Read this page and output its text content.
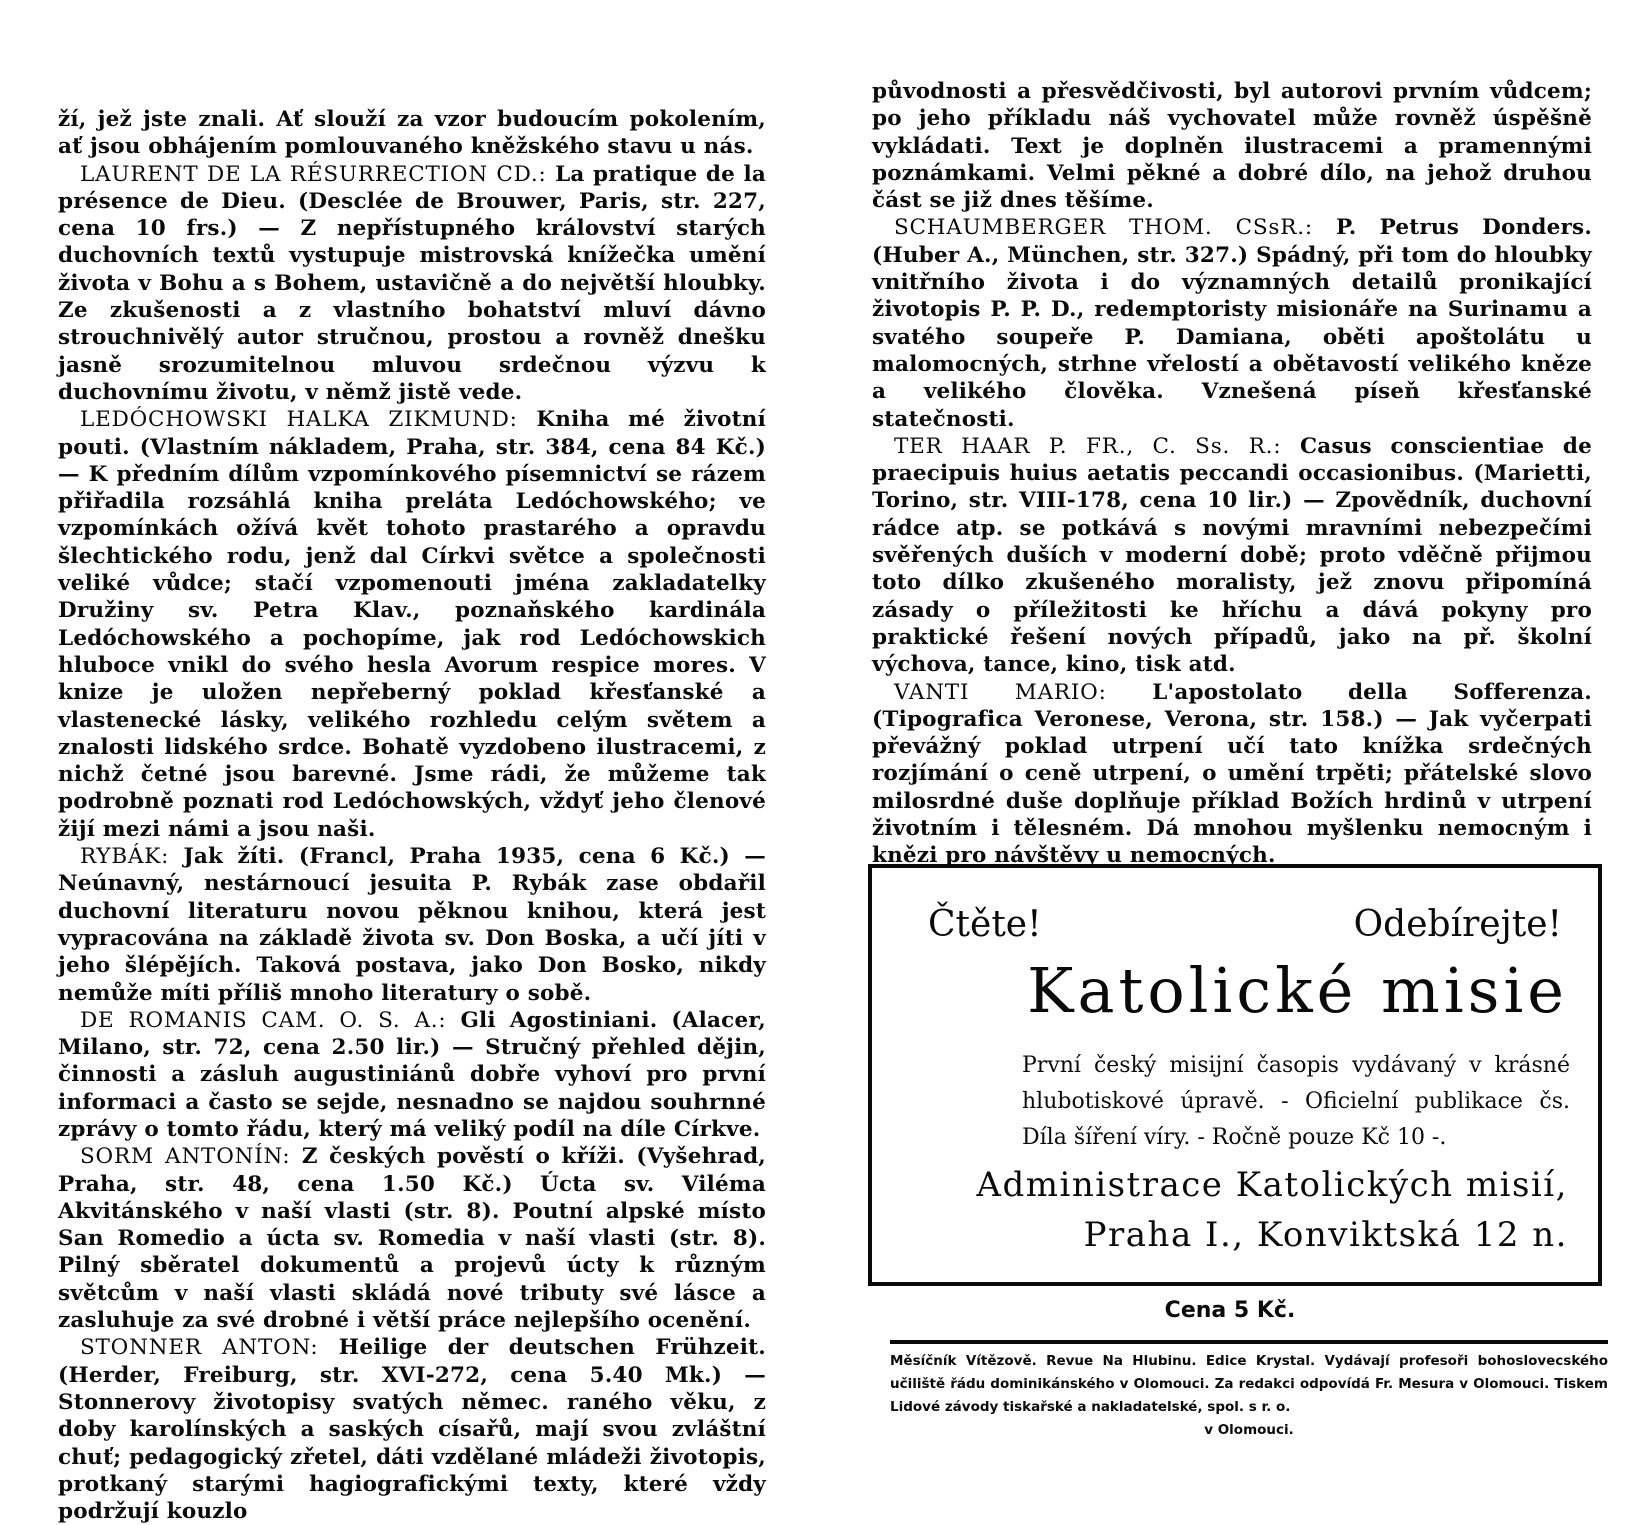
ží, jež jste znali. Ať slouží za vzor budoucím pokolením, ať jsou obhájením pomlouvaného kněžského stavu u nás.

LAURENT DE LA RÉSURRECTION CD.: La pratique de la présence de Dieu. (Desclée de Brouwer, Paris, str. 227, cena 10 frs.) — Z nepřístupného království starých duchovních textů vystupuje mistrovská knížečka umění života v Bohu a s Bohem, ustavičně a do největší hloubky. Ze zkušenosti a z vlastního bohatství mluví dávno strouchnivělý autor stručnou, prostou a rovněž dnešku jasně srozumitelnou mluvou srdečnou výzvu k duchovnímu životu, v němž jistě vede.

LEDÓCHOWSKI HALKA ZIKMUND: Kniha mé životní pouti. (Vlastním nákladem, Praha, str. 384, cena 84 Kč.) — K předním dílům vzpomínkového písemnictví se rázem přiřadila rozsáhlá kniha preláta Ledóchowského; ve vzpomínkách ožívá květ tohoto prastarého a opravdu šlechtického rodu, jenž dal Církvi světce a společnosti veliké vůdce; stačí vzpomenouti jména zakladatelky Družiny sv. Petra Klav., poznaňského kardinála Ledóchowského a pochopíme, jak rod Ledóchowskich hluboce vnikl do svého hesla Avorum respice mores. V knize je uložen nepřeberný poklad křesťanské a vlastenecké lásky, velikého rozhledu celým světem a znalosti lidského srdce. Bohatě vyzdobeno ilustracemi, z nichž četné jsou barevné. Jsme rádi, že můžeme tak podrobně poznati rod Ledóchowských, vždyť jeho členové žijí mezi námi a jsou naši.

RYBÁK: Jak žíti. (Francl, Praha 1935, cena 6 Kč.) — Neúnavný, nestárnoucí jesuita P. Rybák zase obdařil duchovní literaturu novou pěknou knihou, která jest vypracována na základě života sv. Don Boska, a učí jíti v jeho šlépějích. Taková postava, jako Don Bosko, nikdy nemůže míti příliš mnoho literatury o sobě.

DE ROMANIS CAM. O. S. A.: Gli Agostiniani. (Alacer, Milano, str. 72, cena 2.50 lir.) — Stručný přehled dějin, činnosti a zásluh augustiniánů dobře vyhoví pro první informaci a často se sejde, nesnadno se najdou souhrnné zprávy o tomto řádu, který má veliký podíl na díle Církve.

SORM ANTONÍN: Z českých pověstí o kříži. (Vyšehrad, Praha, str. 48, cena 1.50 Kč.) Úcta sv. Viléma Akvitánského v naší vlasti (str. 8). Poutní alpské místo San Romedio a úcta sv. Romedia v naší vlasti (str. 8). Pilný sběratel dokumentů a projevů úcty k různým světcům v naší vlasti skládá nové tributy své lásce a zasluhuje za své drobné i větší práce nejlepšího ocenění.

STONNER ANTON: Heilige der deutschen Frühzeit. (Herder, Freiburg, str. XVI-272, cena 5.40 Mk.) — Stonnerovy životopisy svatých němec. raného věku, z doby karolínských a saských císařů, mají svou zvláštní chuť; pedagogický zřetel, dáti vzdělané mládeži životopis, protkaný starými hagiografickými texty, které vždy podržují kouzlo

původnosti a přesvědčivosti, byl autorovi prvním vůdcem; po jeho příkladu náš vychovatel může rovněž úspěšně vykládati. Text je doplněn ilustracemi a pramennými poznámkami. Velmi pěkné a dobré dílo, na jehož druhou část se již dnes těšíme.

SCHAUMBERGER THOM. CSsR.: P. Petrus Donders. (Huber A., München, str. 327.) Spádný, při tom do hloubky vnitřního života i do významných detailů pronikající životopis P. P. D., redemptoristy misionáře na Surinamu a svatého soupeře P. Damiana, oběti apoštolátu u malomocných, strhne vřelostí a obětavostí velikého kněze a velikého člověka. Vznešená píseň křesťanské statečnosti.

TER HAAR P. FR., C. Ss. R.: Casus conscientiae de praecipuis huius aetatis peccandi occasionibus. (Marietti, Torino, str. VIII-178, cena 10 lir.) — Zpovědník, duchovní rádce atp. se potkává s novými mravními nebezpečími svěřených duších v moderní době; proto vděčně přijmou toto dílko zkušeného moralisty, jež znovu připomíná zásady o příležitosti ke hříchu a dává pokyny pro praktické řešení nových případů, jako na př. školní výchova, tance, kino, tisk atd.

VANTI MARIO: L'apostolato della Sofferenza. (Tipografica Veronese, Verona, str. 158.) — Jak vyčerpati převážný poklad utrpení učí tato knížka srdečných rozjímání o ceně utrpení, o umění trpěti; přátelské slovo milosrdné duše doplňuje příklad Božích hrdinů v utrpení životním i tělesném. Dá mnohou myšlenku nemocným i knězi pro návštěvy u nemocných.

Čtěte!	Odebírejte!
Katolické misie
První český misijní časopis vydávaný v krásné hlubotiskové úpravě. - Oficielní publikace čs. Díla šíření víry. - Ročně pouze Kč 10 -.
Administrace Katolických misií,
Praha I., Konviktská 12 n.
Cena 5 Kč.
Měsíčník Vítězově. Revue Na Hlubinu. Edice Krystal. Vydávají profesoři bohoslovecského učiliště řádu dominikánského v Olomouci. Za redakci odpovídá Fr. Mesura v Olomouci. Tiskem Lidové závody tiskařské a nakladatelské, spol. s r. o.
v Olomouci.
